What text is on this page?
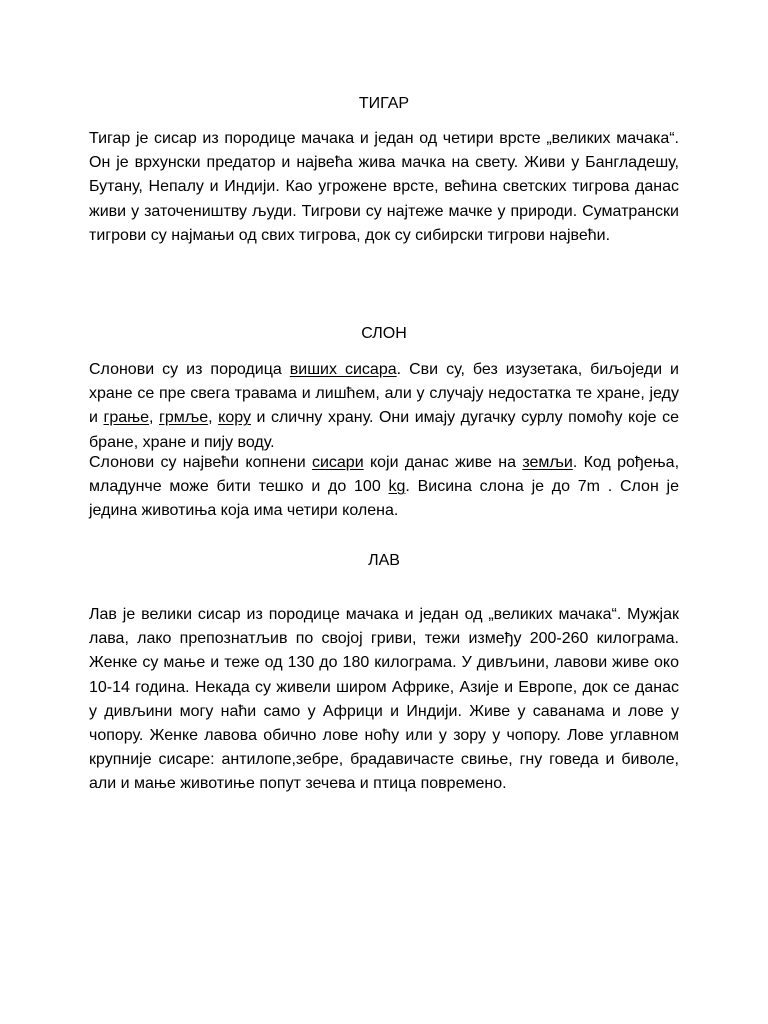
ТИГАР
Тигар је сисар из породице мачака и један од четири врсте „великих мачака“. Он је врхунски предатор и највећа жива мачка на свету. Живи у Бангладешу, Бутану, Непалу и Индији. Као угрожене врсте, већина светских тигрова данас живи у заточеништву људи. Тигрови су најтеже мачке у природи. Суматрански тигрови су најмањи од свих тигрова, док су сибирски тигрови највећи.
СЛОН
Слонови су из породица виших сисара. Сви су, без изузетака, биљоједи и хране се пре свега травама и лишћем, али у случају недостатка те хране, једу и грање, грмље, кору и сличну храну. Они имају дугачку сурлу помоћу које се бране, хране и пију воду.
Слонови су највећи копнени сисари који данас живе на земљи. Код рођења, младунче може бити тешко и до 100 kg. Висина слона је до 7m . Слон је једина животиња која има четири колена.
ЛАВ
Лав је велики сисар из породице мачака и један од „великих мачака“. Мужјак лава, лако препознатљив по својој гриви, тежи између 200-260 килограма. Женке су мање и теже од 130 до 180 килограма. У дивљини, лавови живе око 10-14 година. Некада су живели широм Африке, Азије и Европе, док се данас у дивљини могу наћи само у Африци и Индији. Живе у саванама и лове у чопору. Женке лавова обично лове ноћу или у зору у чопору. Лове углавном крупније сисаре: антилопе,зебре, брадавичасте свиње, гну говеда и биволе, али и мање животиње попут зечева и птица повремено.
